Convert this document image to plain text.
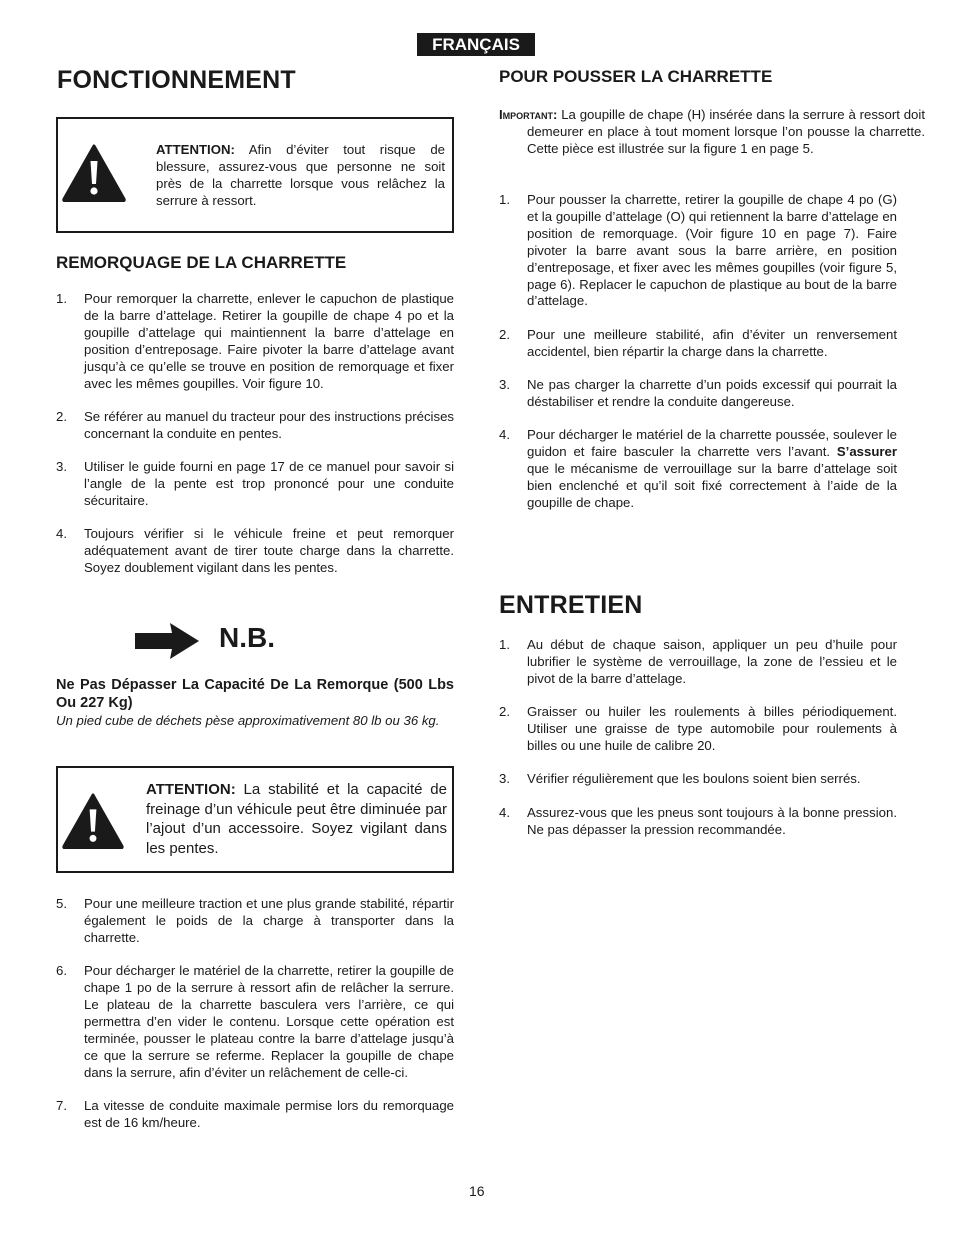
FRANÇAIS
FONCTIONNEMENT
ATTENTION: Afin d’éviter tout risque de blessure, assurez-vous que personne ne soit près de la charrette lorsque vous relâchez la serrure à ressort.
REMORQUAGE DE LA CHARRETTE
1. Pour remorquer la charrette, enlever le capuchon de plastique de la barre d’attelage. Retirer la goupille de chape 4 po et la goupille d’attelage qui maintiennent la barre d’attelage en position d’entreposage. Faire pivoter la barre d’attelage avant jusqu’à ce qu’elle se trouve en position de remorquage et fixer avec les mêmes goupilles. Voir figure 10.
2. Se référer au manuel du tracteur pour des instructions précises concernant la conduite en pentes.
3. Utiliser le guide fourni en page 17 de ce manuel pour savoir si l’angle de la pente est trop prononcé pour une conduite sécuritaire.
4. Toujours vérifier si le véhicule freine et peut remorquer adéquatement avant de tirer toute charge dans la charrette. Soyez doublement vigilant dans les pentes.
N.B.
Ne Pas Dépasser La Capacité De La Remorque (500 Lbs Ou 227 Kg)
Un pied cube de déchets pèse approximativement 80 lb ou 36 kg.
ATTENTION: La stabilité et la capacité de freinage d’un véhicule peut être diminuée par l’ajout d’un accessoire. Soyez vigilant dans les pentes.
5. Pour une meilleure traction et une plus grande stabilité, répartir également le poids de la charge à transporter dans la charrette.
6. Pour décharger le matériel de la charrette, retirer la goupille de chape 1 po de la serrure à ressort afin de relâcher la serrure. Le plateau de la charrette basculera vers l’arrière, ce qui permettra d’en vider le contenu. Lorsque cette opération est terminée, pousser le plateau contre la barre d’attelage jusqu’à ce que la serrure se referme. Replacer la goupille de chape dans la serrure, afin d’éviter un relâchement de celle-ci.
7. La vitesse de conduite maximale permise lors du remorquage est de 16 km/heure.
POUR POUSSER LA CHARRETTE
Important: La goupille de chape (H) insérée dans la serrure à ressort doit demeurer en place à tout moment lorsque l’on pousse la charrette. Cette pièce est illustrée sur la figure 1 en page 5.
1. Pour pousser la charrette, retirer la goupille de chape 4 po (G) et la goupille d’attelage (O) qui retiennent la barre d’attelage en position de remorquage. (Voir figure 10 en page 7). Faire pivoter la barre avant sous la barre arrière, en position d’entreposage, et fixer avec les mêmes goupilles (voir figure 5, page 6). Replacer le capuchon de plastique au bout de la barre d’attelage.
2. Pour une meilleure stabilité, afin d’éviter un renversement accidentel, bien répartir la charge dans la charrette.
3. Ne pas charger la charrette d’un poids excessif qui pourrait la déstabiliser et rendre la conduite dangereuse.
4. Pour décharger le matériel de la charrette poussée, soulever le guidon et faire basculer la charrette vers l’avant. S’assurer que le mécanisme de verrouillage sur la barre d’attelage soit bien enclenché et qu’il soit fixé correctement à l’aide de la goupille de chape.
ENTRETIEN
1. Au début de chaque saison, appliquer un peu d’huile pour lubrifier le système de verrouillage, la zone de l’essieu et le pivot de la barre d’attelage.
2. Graisser ou huiler les roulements à billes périodiquement. Utiliser une graisse de type automobile pour roulements à billes ou une huile de calibre 20.
3. Vérifier régulièrement que les boulons soient bien serrés.
4. Assurez-vous que les pneus sont toujours à la bonne pression. Ne pas dépasser la pression recommandée.
16
